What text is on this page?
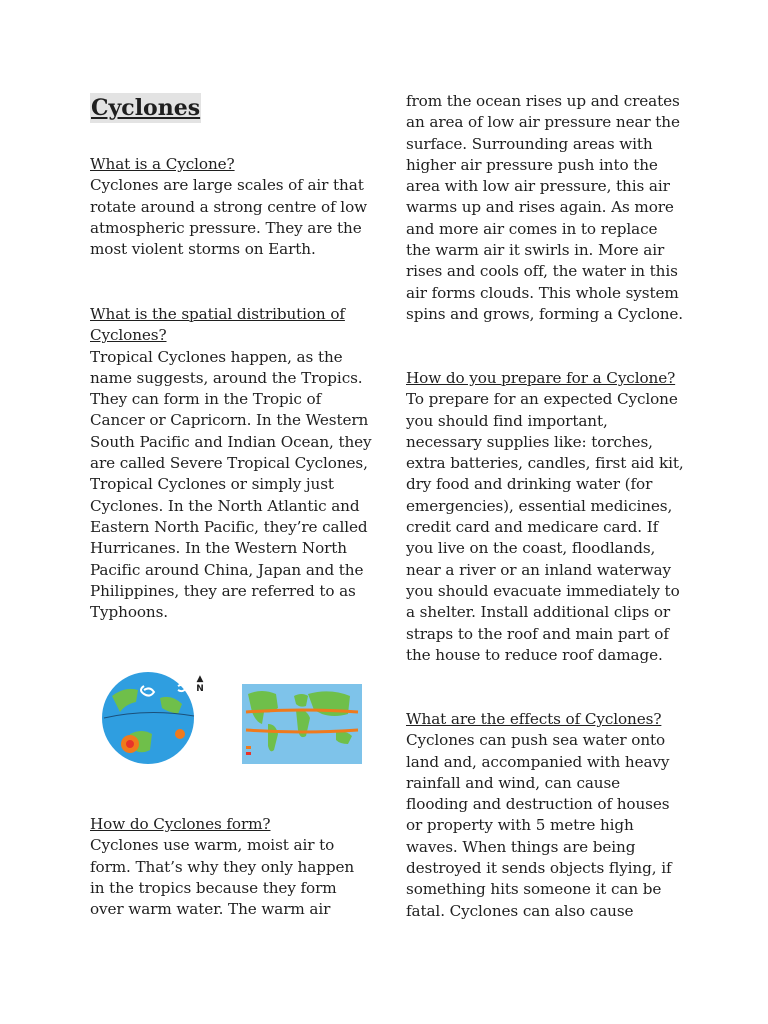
Cyclones
What is a Cyclone?
Cyclones are large scales of air that rotate around a strong centre of low atmospheric pressure. They are the most violent storms on Earth.
What is the spatial distribution of Cyclones?
Tropical Cyclones happen, as the name suggests, around the Tropics. They can form in the Tropic of Cancer or Capricorn. In the Western South Pacific and Indian Ocean, they are called Severe Tropical Cyclones, Tropical Cyclones or simply just Cyclones. In the North Atlantic and Eastern North Pacific, they’re called Hurricanes. In the Western North Pacific around China, Japan and the Philippines, they are referred to as Typhoons.
▲
N
How do Cyclones form?
Cyclones use warm, moist air to form. That’s why they only happen in the tropics because they form over warm water. The warm air
from the ocean rises up and creates an area of low air pressure near the surface. Surrounding areas with higher air pressure push into the area with low air pressure, this air warms up and rises again. As more and more air comes in to replace the warm air it swirls in. More air rises and cools off, the water in this air forms clouds. This whole system spins and grows, forming a Cyclone.
How do you prepare for a Cyclone?
To prepare for an expected Cyclone you should find important, necessary supplies like: torches, extra batteries, candles, first aid kit, dry food and drinking water (for emergencies), essential medicines, credit card and medicare card. If you live on the coast, floodlands, near a river or an inland waterway you should evacuate immediately to a shelter. Install additional clips or straps to the roof and main part of the house to reduce roof damage.
What are the effects of Cyclones?
Cyclones can push sea water onto land and, accompanied with heavy rainfall and wind, can cause flooding and destruction of houses or property with 5 metre high waves. When things are being destroyed it sends objects flying, if something hits someone it can be fatal. Cyclones can also cause
